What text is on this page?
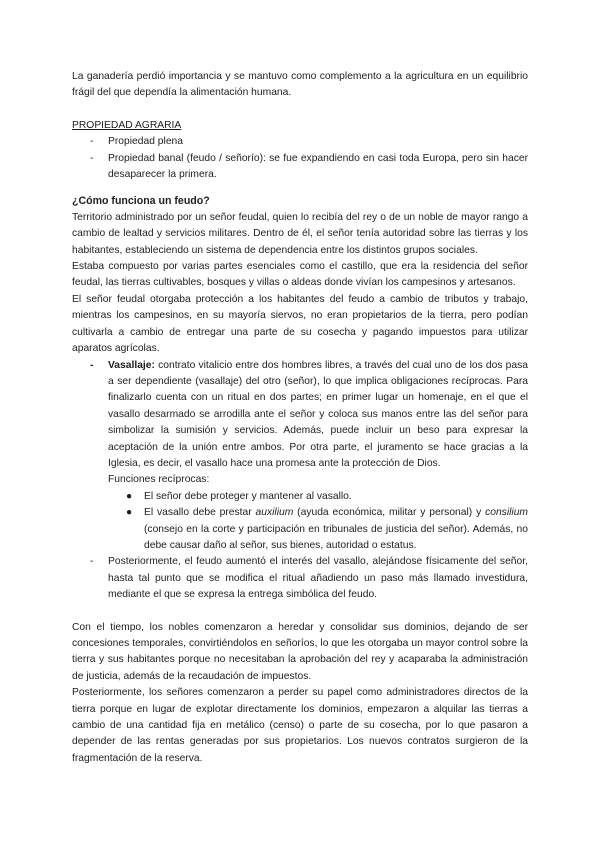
La ganadería perdió importancia y se mantuvo como complemento a la agricultura en un equilibrio frágil del que dependía la alimentación humana.

PROPIEDAD AGRARIA
- Propiedad plena
- Propiedad banal (feudo / señorío): se fue expandiendo en casi toda Europa, pero sin hacer desaparecer la primera.
¿Cómo funciona un feudo?

Territorio administrado por un señor feudal, quien lo recibía del rey o de un noble de mayor rango a cambio de lealtad y servicios militares. Dentro de él, el señor tenía autoridad sobre las tierras y los habitantes, estableciendo un sistema de dependencia entre los distintos grupos sociales.

Estaba compuesto por varias partes esenciales como el castillo, que era la residencia del señor feudal, las tierras cultivables, bosques y villas o aldeas donde vivían los campesinos y artesanos.

El señor feudal otorgaba protección a los habitantes del feudo a cambio de tributos y trabajo, mientras los campesinos, en su mayoría siervos, no eran propietarios de la tierra, pero podían cultivarla a cambio de entregar una parte de su cosecha y pagando impuestos para utilizar aparatos agrícolas.

- Vasallaje: contrato vitalicio entre dos hombres libres, a través del cual uno de los dos pasa a ser dependiente (vasallaje) del otro (señor), lo que implica obligaciones recíprocas. Para finalizarlo cuenta con un ritual en dos partes; en primer lugar un homenaje, en el que el vasallo desarmado se arrodilla ante el señor y coloca sus manos entre las del señor para simbolizar la sumisión y servicios. Además, puede incluir un beso para expresar la aceptación de la unión entre ambos. Por otra parte, el juramento se hace gracias a la Iglesia, es decir, el vasallo hace una promesa ante la protección de Dios.
Funciones recíprocas:
● El señor debe proteger y mantener al vasallo.
● El vasallo debe prestar auxilium (ayuda económica, militar y personal) y consilium (consejo en la corte y participación en tribunales de justicia del señor). Además, no debe causar daño al señor, sus bienes, autoridad o estatus.
- Posteriormente, el feudo aumentó el interés del vasallo, alejándose físicamente del señor, hasta tal punto que se modifica el ritual añadiendo un paso más llamado investidura, mediante el que se expresa la entrega simbólica del feudo.

Con el tiempo, los nobles comenzaron a heredar y consolidar sus dominios, dejando de ser concesiones temporales, convirtiéndolos en señoríos, lo que les otorgaba un mayor control sobre la tierra y sus habitantes porque no necesitaban la aprobación del rey y acaparaba la administración de justicia, además de la recaudación de impuestos.

Posteriormente, los señores comenzaron a perder su papel como administradores directos de la tierra porque en lugar de explotar directamente los dominios, empezaron a alquilar las tierras a cambio de una cantidad fija en metálico (censo) o parte de su cosecha, por lo que pasaron a depender de las rentas generadas por sus propietarios. Los nuevos contratos surgieron de la fragmentación de la reserva.
